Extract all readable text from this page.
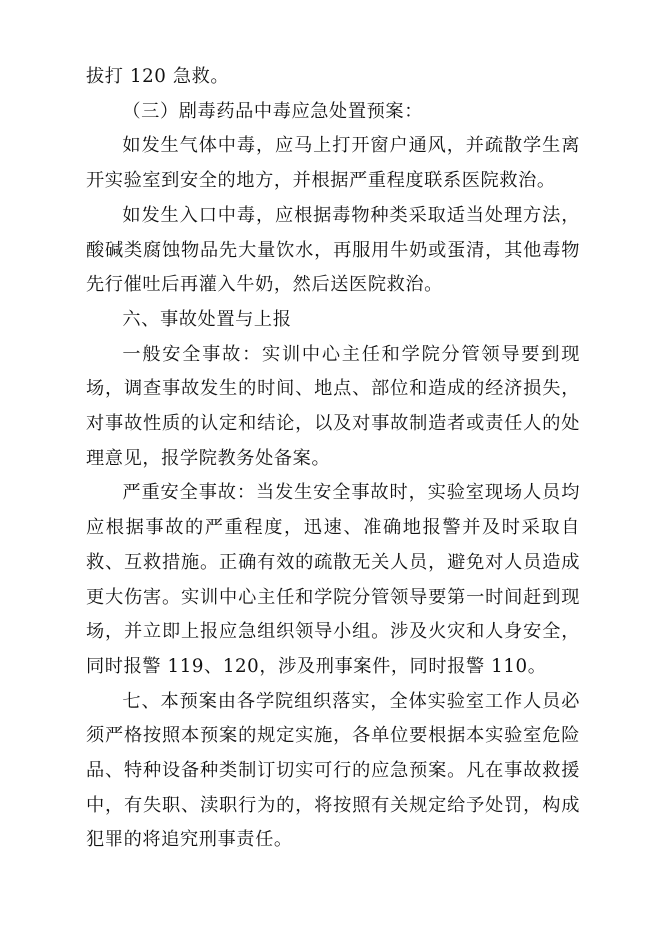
拔打 120 急救。

（三）剧毒药品中毒应急处置预案：

如发生气体中毒，应马上打开窗户通风，并疏散学生离开实验室到安全的地方，并根据严重程度联系医院救治。

如发生入口中毒，应根据毒物种类采取适当处理方法，酸碱类腐蚀物品先大量饮水，再服用牛奶或蛋清，其他毒物先行催吐后再灌入牛奶，然后送医院救治。

六、事故处置与上报

一般安全事故：实训中心主任和学院分管领导要到现场，调查事故发生的时间、地点、部位和造成的经济损失，对事故性质的认定和结论，以及对事故制造者或责任人的处理意见，报学院教务处备案。

严重安全事故：当发生安全事故时，实验室现场人员均应根据事故的严重程度，迅速、准确地报警并及时采取自救、互救措施。正确有效的疏散无关人员，避免对人员造成更大伤害。实训中心主任和学院分管领导要第一时间赶到现场，并立即上报应急组织领导小组。涉及火灾和人身安全，同时报警 119、120，涉及刑事案件，同时报警 110。

七、本预案由各学院组织落实，全体实验室工作人员必须严格按照本预案的规定实施，各单位要根据本实验室危险品、特种设备种类制订切实可行的应急预案。凡在事故救援中，有失职、渎职行为的，将按照有关规定给予处罚，构成犯罪的将追究刑事责任。
